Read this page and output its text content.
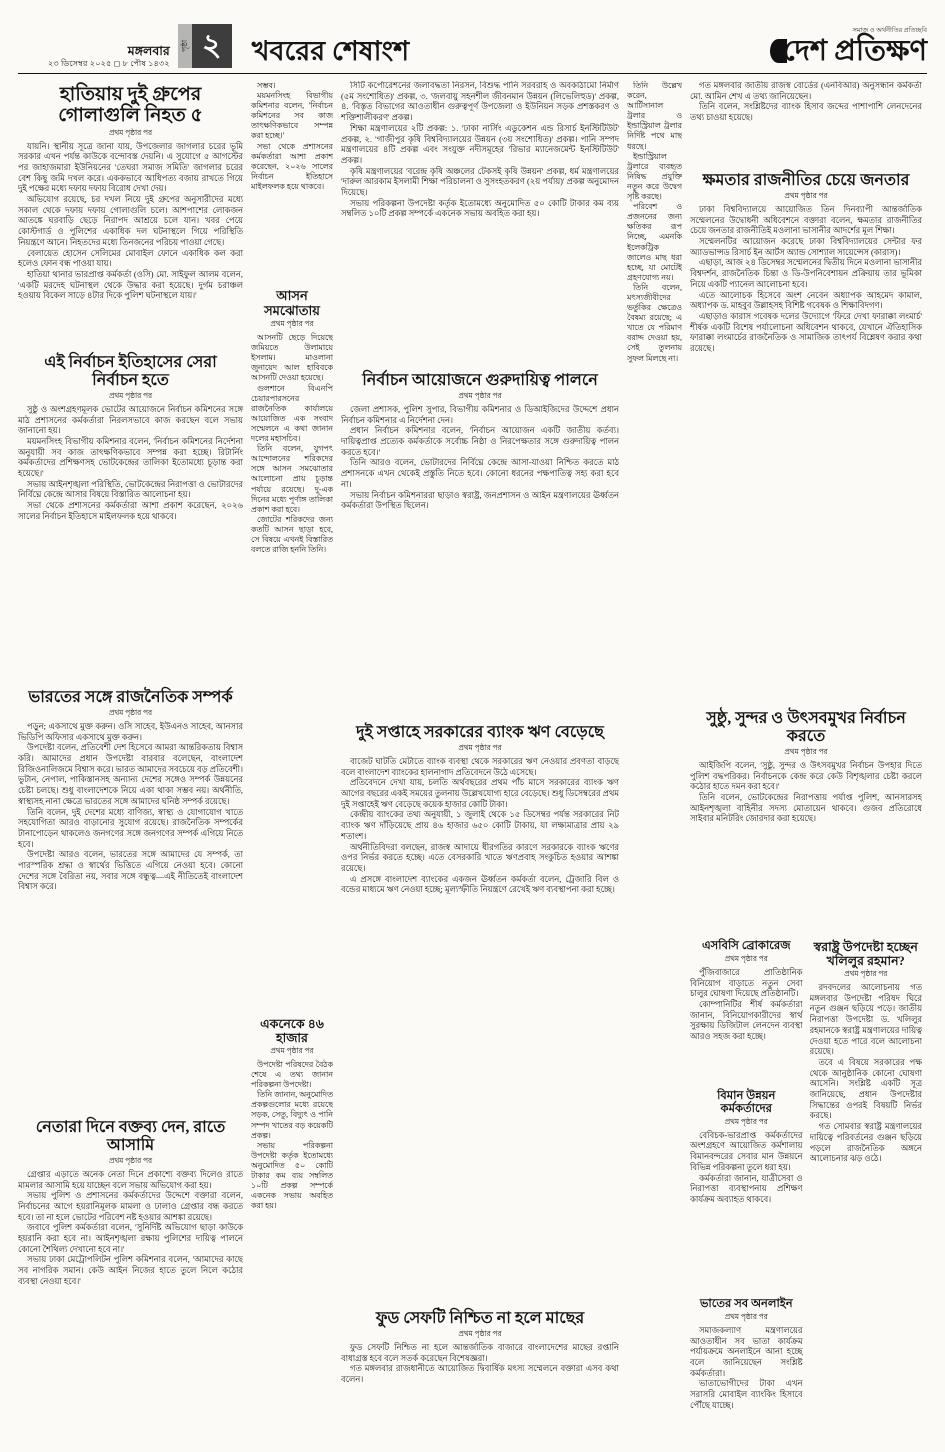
মঙ্গলবার
২৩ ডিসেম্বর ২০২৫ ◻ ৮ পৌষ ১৪৩২
পৃষ্ঠা ২	খবরের শেষাংশ
সমাজ ও অর্থনীতির প্রতিচ্ছবি
দেশ প্রতিক্ষণ
হাতিয়ায় দুই গ্রুপের গোলাগুলি নিহত ৫
প্রথম পৃষ্ঠার পর

যায়নি। স্থানীয় সূত্রে জানা যায়, উপজেলার জাগলার চরের ভূমি সরকার এখন পর্যন্ত কাউকে বন্দোবস্ত দেয়নি। এ সুযোগে ৫ আগস্টের পর জাহাজমারা ইউনিয়নের 'তেঘরা সমাজ সমিতি' জাগলার চরের বেশ কিছু জমি দখল করে। এককভাবে আধিপত্য বজায় রাখতে গিয়ে দুই পক্ষের মধ্যে দফায় দফায় বিরোধ দেখা দেয়।

অভিযোগ রয়েছে, চর দখল নিয়ে দুই গ্রুপের অনুসারীদের মধ্যে সকাল থেকে দফায় দফায় গোলাগুলি চলে। আশপাশের লোকজন আতঙ্কে ঘরবাড়ি ছেড়ে নিরাপদ আশ্রয়ে চলে যান। খবর পেয়ে কোস্টগার্ড ও পুলিশের একাধিক দল ঘটনাস্থলে গিয়ে পরিস্থিতি নিয়ন্ত্রণে আনে। নিহতদের মধ্যে তিনজনের পরিচয় পাওয়া গেছে।

বেলায়েত হোসেন সেলিমের মোবাইল ফোনে একাধিক কল করা হলেও ফোন বন্ধ পাওয়া যায়।

হাতিয়া থানার ভারপ্রাপ্ত কর্মকর্তা (ওসি) মো. সাইফুল আলম বলেন, 'একটি মরদেহ ঘটনাস্থল থেকে উদ্ধার করা হয়েছে। দুর্গম চরাঞ্চল হওয়ায় বিকেল সাড়ে ৪টার দিকে পুলিশ ঘটনাস্থলে যায়।'

এই নির্বাচন ইতিহাসের সেরা নির্বাচন হতে
প্রথম পৃষ্ঠার পর

সুষ্ঠু ও অংশগ্রহণমূলক ভোটের আয়োজনে নির্বাচন কমিশনের সঙ্গে মাঠ প্রশাসনের কর্মকর্তারা নিরলসভাবে কাজ করছেন বলে সভায় জানানো হয়।

ময়মনসিংহ বিভাগীয় কমিশনার বলেন, 'নির্বাচন কমিশনের নির্দেশনা অনুযায়ী সব কাজ তাৎক্ষণিকভাবে সম্পন্ন করা হচ্ছে। রিটার্নিং কর্মকর্তাদের প্রশিক্ষণসহ ভোটকেন্দ্রের তালিকা ইতোমধ্যে চূড়ান্ত করা হয়েছে।'

সভায় আইনশৃঙ্খলা পরিস্থিতি, ভোটকেন্দ্রের নিরাপত্তা ও ভোটারদের নির্বিঘ্নে কেন্দ্রে আসার বিষয়ে বিস্তারিত আলোচনা হয়।

সভা থেকে প্রশাসনের কর্মকর্তারা আশা প্রকাশ করেছেন, ২০২৬ সালের নির্বাচন ইতিহাসে মাইলফলক হয়ে থাকবে।

ভারতের সঙ্গে রাজনৈতিক সম্পর্ক
প্রথম পৃষ্ঠার পর

পড়ুন; একসাথে মুক্ত করুন। ওসি সাহেব, ইউএনও সাহেব, আনসার ভিডিপি অফিসার একসাথে মুক্ত করুন।

উপদেষ্টা বলেন, প্রতিবেশী দেশ হিসেবে আমরা আন্তরিকতায় বিশ্বাস করি। আমাদের প্রধান উপদেষ্টা বারবার বলেছেন, বাংলাদেশ রিজিওনালিজমে বিশ্বাস করে। ভারত আমাদের সবচেয়ে বড় প্রতিবেশী। ভুটান, নেপাল, পাকিস্তানসহ অন্যান্য দেশের সঙ্গেও সম্পর্ক উন্নয়নের চেষ্টা চলছে। শুধু বাংলাদেশকে নিয়ে একা থাকা সম্ভব নয়। অর্থনীতি, স্বাস্থ্যসহ নানা ক্ষেত্রে ভারতের সঙ্গে আমাদের ঘনিষ্ঠ সম্পর্ক রয়েছে।

তিনি বলেন, দুই দেশের মধ্যে বাণিজ্য, স্বাস্থ্য ও যোগাযোগ খাতে সহযোগিতা আরও বাড়ানোর সুযোগ রয়েছে। রাজনৈতিক সম্পর্কের টানাপোড়েন থাকলেও জনগণের সঙ্গে জনগণের সম্পর্ক এগিয়ে নিতে হবে।

উপদেষ্টা আরও বলেন, ভারতের সঙ্গে আমাদের যে সম্পর্ক, তা পারস্পরিক শ্রদ্ধা ও স্বার্থের ভিত্তিতে এগিয়ে নেওয়া হবে। কোনো দেশের সঙ্গে বৈরিতা নয়, সবার সঙ্গে বন্ধুত্ব—এই নীতিতেই বাংলাদেশ বিশ্বাস করে।

নেতারা দিনে বক্তব্য দেন, রাতে আসামি
প্রথম পৃষ্ঠার পর

গ্রেপ্তার এড়াতে অনেক নেতা দিনে প্রকাশ্যে বক্তব্য দিলেও রাতে মামলার আসামি হয়ে যাচ্ছেন বলে সভায় অভিযোগ করা হয়।

সভায় পুলিশ ও প্রশাসনের কর্মকর্তাদের উদ্দেশে বক্তারা বলেন, নির্বাচনের আগে হয়রানিমূলক মামলা ও ঢালাও গ্রেপ্তার বন্ধ করতে হবে। তা না হলে ভোটের পরিবেশ নষ্ট হওয়ার আশঙ্কা রয়েছে।

জবাবে পুলিশ কর্মকর্তারা বলেন, 'সুনির্দিষ্ট অভিযোগ ছাড়া কাউকে হয়রানি করা হবে না। আইনশৃঙ্খলা রক্ষায় পুলিশের দায়িত্ব পালনে কোনো শৈথিল্য দেখানো হবে না।'

সভায় ঢাকা মেট্রোপলিটন পুলিশ কমিশনার বলেন, 'আমাদের কাছে সব নাগরিক সমান। কেউ আইন নিজের হাতে তুলে নিলে কঠোর ব্যবস্থা নেওয়া হবে।'

সম্ভব।

ময়মনসিংহ বিভাগীয় কমিশনার বলেন, 'নির্বাচন কমিশনের সব কাজ তাৎক্ষণিকভাবে সম্পন্ন করা হচ্ছে।'

সভা থেকে প্রশাসনের কর্মকর্তারা আশা প্রকাশ করেছেন, ২০২৬ সালের নির্বাচন ইতিহাসে মাইলফলক হয়ে থাকবে।

আসন সমঝোতায়
প্রথম পৃষ্ঠার পর

আসনটি ছেড়ে দিয়েছে জমিয়তে উলামায়ে ইসলাম। মাওলানা জুনায়েদ আল হাবিবকে আসনটি দেওয়া হয়েছে।

গুলশানে বিএনপি চেয়ারপারসনের রাজনৈতিক কার্যালয়ে আয়োজিত এক সংবাদ সম্মেলনে এ কথা জানান দলের মহাসচিব।

তিনি বলেন, যুগপৎ আন্দোলনের শরিকদের সঙ্গে আসন সমঝোতার আলোচনা প্রায় চূড়ান্ত পর্যায়ে রয়েছে। দু-এক দিনের মধ্যে পূর্ণাঙ্গ তালিকা প্রকাশ করা হবে।

জোটের শরিকদের জন্য কতটি আসন ছাড়া হবে, সে বিষয়ে এখনই বিস্তারিত বলতে রাজি হননি তিনি।

একনেকে ৪৬ হাজার
প্রথম পৃষ্ঠার পর

উপদেষ্টা পরিষদের বৈঠক শেষে এ তথ্য জানান পরিকল্পনা উপদেষ্টা।

তিনি জানান, অনুমোদিত প্রকল্পগুলোর মধ্যে রয়েছে সড়ক, সেতু, বিদ্যুৎ ও পানি সম্পদ খাতের বড় কয়েকটি প্রকল্প।

সভায় পরিকল্পনা উপদেষ্টা কর্তৃক ইতোমধ্যে অনুমোদিত ৫০ কোটি টাকার কম ব্যয় সম্বলিত ১০টি প্রকল্প সম্পর্কে একনেক সভায় অবহিত করা হয়।

সিটি কর্পোরেশনের জলাবদ্ধতা নিরসন, বিশুদ্ধ পানি সরবরাহ ও অবকাঠামো নির্মাণ (৫ম সংশোধিত)' প্রকল্প, ৩. 'জলবায়ু সহনশীল জীবনমান উন্নয়ন (লিভেলিহুড)' প্রকল্প, ৪. 'বিস্তৃত বিভাগের আওতাধীন গুরুত্বপূর্ণ উপজেলা ও ইউনিয়ন সড়ক প্রশস্তকরণ ও শক্তিশালীকরণ' প্রকল্প।

শিক্ষা মন্ত্রণালয়ের ২টি প্রকল্প: ১. 'ঢাকা নার্সিং এডুকেশন এন্ড রিসার্চ ইনস্টিটিউট' প্রকল্প, ২. 'গাজীপুর কৃষি বিশ্ববিদ্যালয়ের উন্নয়ন (৩য় সংশোধিত)' প্রকল্প। পানি সম্পদ মন্ত্রণালয়ের ৪টি প্রকল্প এবং সংযুক্ত নদীসমূহের 'রিভার ম্যানেজমেন্ট ইনস্টিটিউট' প্রকল্প।

কৃষি মন্ত্রণালয়ের 'বরেন্দ্র কৃষি অঞ্চলের টেকসই কৃষি উন্নয়ন' প্রকল্প, ধর্ম মন্ত্রণালয়ের 'দারুল আরকাম ইসলামী শিক্ষা পরিচালনা ও সুসংহতকরণ (২য় পর্যায়)' প্রকল্প অনুমোদন দিয়েছে।

সভায় পরিকল্পনা উপদেষ্টা কর্তৃক ইতোমধ্যে অনুমোদিত ৫০ কোটি টাকার কম ব্যয় সম্বলিত ১০টি প্রকল্প সম্পর্কে একনেক সভায় অবহিত করা হয়।

নির্বাচন আয়োজনে গুরুদায়িত্ব পালনে
প্রথম পৃষ্ঠার পর

জেলা প্রশাসক, পুলিশ সুপার, বিভাগীয় কমিশনার ও ডিআইজিদের উদ্দেশে প্রধান নির্বাচন কমিশনার এ নির্দেশনা দেন।

প্রধান নির্বাচন কমিশনার বলেন, 'নির্বাচন আয়োজন একটি জাতীয় কর্তব্য। দায়িত্বপ্রাপ্ত প্রত্যেক কর্মকর্তাকে সর্বোচ্চ নিষ্ঠা ও নিরপেক্ষতার সঙ্গে গুরুদায়িত্ব পালন করতে হবে।'

তিনি আরও বলেন, ভোটারদের নির্বিঘ্নে কেন্দ্রে আসা-যাওয়া নিশ্চিত করতে মাঠ প্রশাসনকে এখন থেকেই প্রস্তুতি নিতে হবে। কোনো ধরনের পক্ষপাতিত্ব সহ্য করা হবে না।

সভায় নির্বাচন কমিশনাররা ছাড়াও স্বরাষ্ট্র, জনপ্রশাসন ও আইন মন্ত্রণালয়ের ঊর্ধ্বতন কর্মকর্তারা উপস্থিত ছিলেন।

দুই সপ্তাহে সরকারের ব্যাংক ঋণ বেড়েছে
প্রথম পৃষ্ঠার পর

বাজেট ঘাটতি মেটাতে ব্যাংক ব্যবস্থা থেকে সরকারের ঋণ নেওয়ার প্রবণতা বাড়ছে বলে বাংলাদেশ ব্যাংকের হালনাগাদ প্রতিবেদনে উঠে এসেছে।

প্রতিবেদনে দেখা যায়, চলতি অর্থবছরের প্রথম পাঁচ মাসে সরকারের ব্যাংক ঋণ আগের বছরের একই সময়ের তুলনায় উল্লেখযোগ্য হারে বেড়েছে। শুধু ডিসেম্বরের প্রথম দুই সপ্তাহেই ঋণ বেড়েছে কয়েক হাজার কোটি টাকা।

কেন্দ্রীয় ব্যাংকের তথ্য অনুযায়ী, ১ জুলাই থেকে ১৫ ডিসেম্বর পর্যন্ত সরকারের নিট ব্যাংক ঋণ দাঁড়িয়েছে প্রায় ৪৬ হাজার ৬৫০ কোটি টাকায়, যা লক্ষ্যমাত্রার প্রায় ২৯ শতাংশ।

অর্থনীতিবিদরা বলছেন, রাজস্ব আদায়ে ধীরগতির কারণে সরকারকে ব্যাংক ঋণের ওপর নির্ভর করতে হচ্ছে। এতে বেসরকারি খাতে ঋণপ্রবাহ সংকুচিত হওয়ার আশঙ্কা রয়েছে।

এ প্রসঙ্গে বাংলাদেশ ব্যাংকের একজন ঊর্ধ্বতন কর্মকর্তা বলেন, ট্রেজারি বিল ও বন্ডের মাধ্যমে ঋণ নেওয়া হচ্ছে; মূল্যস্ফীতি নিয়ন্ত্রণে রেখেই ঋণ ব্যবস্থাপনা করা হচ্ছে।

ফুড সেফটি নিশ্চিত না হলে মাছের
প্রথম পৃষ্ঠার পর

ফুড সেফটি নিশ্চিত না হলে আন্তর্জাতিক বাজারে বাংলাদেশের মাছের রপ্তানি বাধাগ্রস্ত হবে বলে সতর্ক করেছেন বিশেষজ্ঞরা।

গত মঙ্গলবার রাজধানীতে আয়োজিত দ্বিবার্ষিক মৎস্য সম্মেলনে বক্তারা এসব কথা বলেন।

তিনি উল্লেখ করেন, আর্টিসানাল ট্রলার ও ইন্ডাস্ট্রিয়াল ট্রলার নির্দিষ্ট পথে মাছ ধরছে।

ইন্ডাস্ট্রিয়াল ট্রলারে ব্যবহৃত নিষিদ্ধ প্রযুক্তি নতুন করে উদ্বেগ সৃষ্টি করছে।

পরিবেশ ও প্রজননের জন্য ক্ষতিকর রূপ নিচ্ছে, এমনকি ইলেকট্রিক জালেও মাছ ধরা হচ্ছে, যা মোটেই গ্রহণযোগ্য নয়।

তিনি বলেন, মৎস্যজীবীদের ভর্তুকির ক্ষেত্রেও বৈষম্য রয়েছে; এ খাতে যে পরিমাণ বরাদ্দ দেওয়া হয়, সেই তুলনায় সুফল মিলছে না।

গত মঙ্গলবার জাতীয় রাজস্ব বোর্ডের (এনবিআর) অনুসন্ধান কর্মকর্তা মো. আমিন শেখ এ তথ্য জানিয়েছেন।

তিনি বলেন, সংশ্লিষ্টদের ব্যাংক হিসাব জব্দের পাশাপাশি লেনদেনের তথ্য চাওয়া হয়েছে।

ক্ষমতার রাজনীতির চেয়ে জনতার
প্রথম পৃষ্ঠার পর

ঢাকা বিশ্ববিদ্যালয়ে আয়োজিত তিন দিনব্যাপী আন্তর্জাতিক সম্মেলনের উদ্বোধনী অধিবেশনে বক্তারা বলেন, ক্ষমতার রাজনীতির চেয়ে জনতার রাজনীতিই মওলানা ভাসানীর আদর্শের মূল শিক্ষা।

সম্মেলনটির আয়োজন করেছে ঢাকা বিশ্ববিদ্যালয়ের সেন্টার ফর অ্যাডভান্সড রিসার্চ ইন আর্টস অ্যান্ড সোশ্যাল সায়েন্সেস (কারাস)।

এছাড়া, আজ ২৪ ডিসেম্বর সম্মেলনের দ্বিতীয় দিনে মওলানা ভাসানীর বিশ্বদর্শন, রাজনৈতিক চিন্তা ও ডি-উপনিবেশায়ন প্রক্রিয়ায় তার ভূমিকা নিয়ে একটি প্যানেল আলোচনা হবে।

এতে আলোচক হিসেবে অংশ নেবেন অধ্যাপক আহমেদ কামাল, অধ্যাপক ড. মাহবুব উল্লাহসহ বিশিষ্ট গবেষক ও শিক্ষাবিদগণ।

এছাড়াও কারাস গবেষক দলের উদ্যোগে 'ফিরে দেখা ফারাক্কা লংমার্চ' শীর্ষক একটি বিশেষ পর্যালোচনা অধিবেশন থাকবে, যেখানে ঐতিহাসিক ফারাক্কা লংমার্চের রাজনৈতিক ও সামাজিক তাৎপর্য বিশ্লেষণ করার কথা রয়েছে।

সুষ্ঠু, সুন্দর ও উৎসবমুখর নির্বাচন করতে
প্রথম পৃষ্ঠার পর

আইজিপি বলেন, 'সুষ্ঠু, সুন্দর ও উৎসবমুখর নির্বাচন উপহার দিতে পুলিশ বদ্ধপরিকর। নির্বাচনকে কেন্দ্র করে কেউ বিশৃঙ্খলার চেষ্টা করলে কঠোর হাতে দমন করা হবে।'

তিনি বলেন, ভোটকেন্দ্রের নিরাপত্তায় পর্যাপ্ত পুলিশ, আনসারসহ আইনশৃঙ্খলা বাহিনীর সদস্য মোতায়েন থাকবে। গুজব প্রতিরোধে সাইবার মনিটরিং জোরদার করা হয়েছে।

এসবিসি ব্রোকারেজ
প্রথম পৃষ্ঠার পর

পুঁজিবাজারে প্রাতিষ্ঠানিক বিনিয়োগ বাড়াতে নতুন সেবা চালুর ঘোষণা দিয়েছে প্রতিষ্ঠানটি।

কোম্পানিটির শীর্ষ কর্মকর্তারা জানান, বিনিয়োগকারীদের স্বার্থ সুরক্ষায় ডিজিটাল লেনদেন ব্যবস্থা আরও সহজ করা হচ্ছে।

বিমান উন্নয়ন কর্মকর্তাদের
প্রথম পৃষ্ঠার পর

বেবিচক-ভারপ্রাপ্ত কর্মকর্তাদের অংশগ্রহণে আয়োজিত কর্মশালায় বিমানবন্দরের সেবার মান উন্নয়নে বিভিন্ন পরিকল্পনা তুলে ধরা হয়।

কর্মকর্তারা জানান, যাত্রীসেবা ও নিরাপত্তা ব্যবস্থাপনায় প্রশিক্ষণ কার্যক্রম অব্যাহত থাকবে।

ভাতের সব অনলাইন
প্রথম পৃষ্ঠার পর

সমাজকল্যাণ মন্ত্রণালয়ের আওতাধীন সব ভাতা কার্যক্রম পর্যায়ক্রমে অনলাইনে আনা হচ্ছে বলে জানিয়েছেন সংশ্লিষ্ট কর্মকর্তারা।

ভাতাভোগীদের টাকা এখন সরাসরি মোবাইল ব্যাংকিং হিসাবে পৌঁছে যাচ্ছে।

স্বরাষ্ট্র উপদেষ্টা হচ্ছেন খলিলুর রহমান?
প্রথম পৃষ্ঠার পর

রদবদলের আলোচনায় গত মঙ্গলবার উপদেষ্টা পরিষদ ঘিরে নতুন গুঞ্জন ছড়িয়ে পড়ে। জাতীয় নিরাপত্তা উপদেষ্টা ড. খলিলুর রহমানকে স্বরাষ্ট্র মন্ত্রণালয়ের দায়িত্ব দেওয়া হতে পারে বলে আলোচনা রয়েছে।

তবে এ বিষয়ে সরকারের পক্ষ থেকে আনুষ্ঠানিক কোনো ঘোষণা আসেনি। সংশ্লিষ্ট একটি সূত্র জানিয়েছে, প্রধান উপদেষ্টার সিদ্ধান্তের ওপরই বিষয়টি নির্ভর করছে।

গত সোমবার স্বরাষ্ট্র মন্ত্রণালয়ের দায়িত্বে পরিবর্তনের গুঞ্জন ছড়িয়ে পড়লে রাজনৈতিক অঙ্গনে আলোচনার ঝড় ওঠে।
